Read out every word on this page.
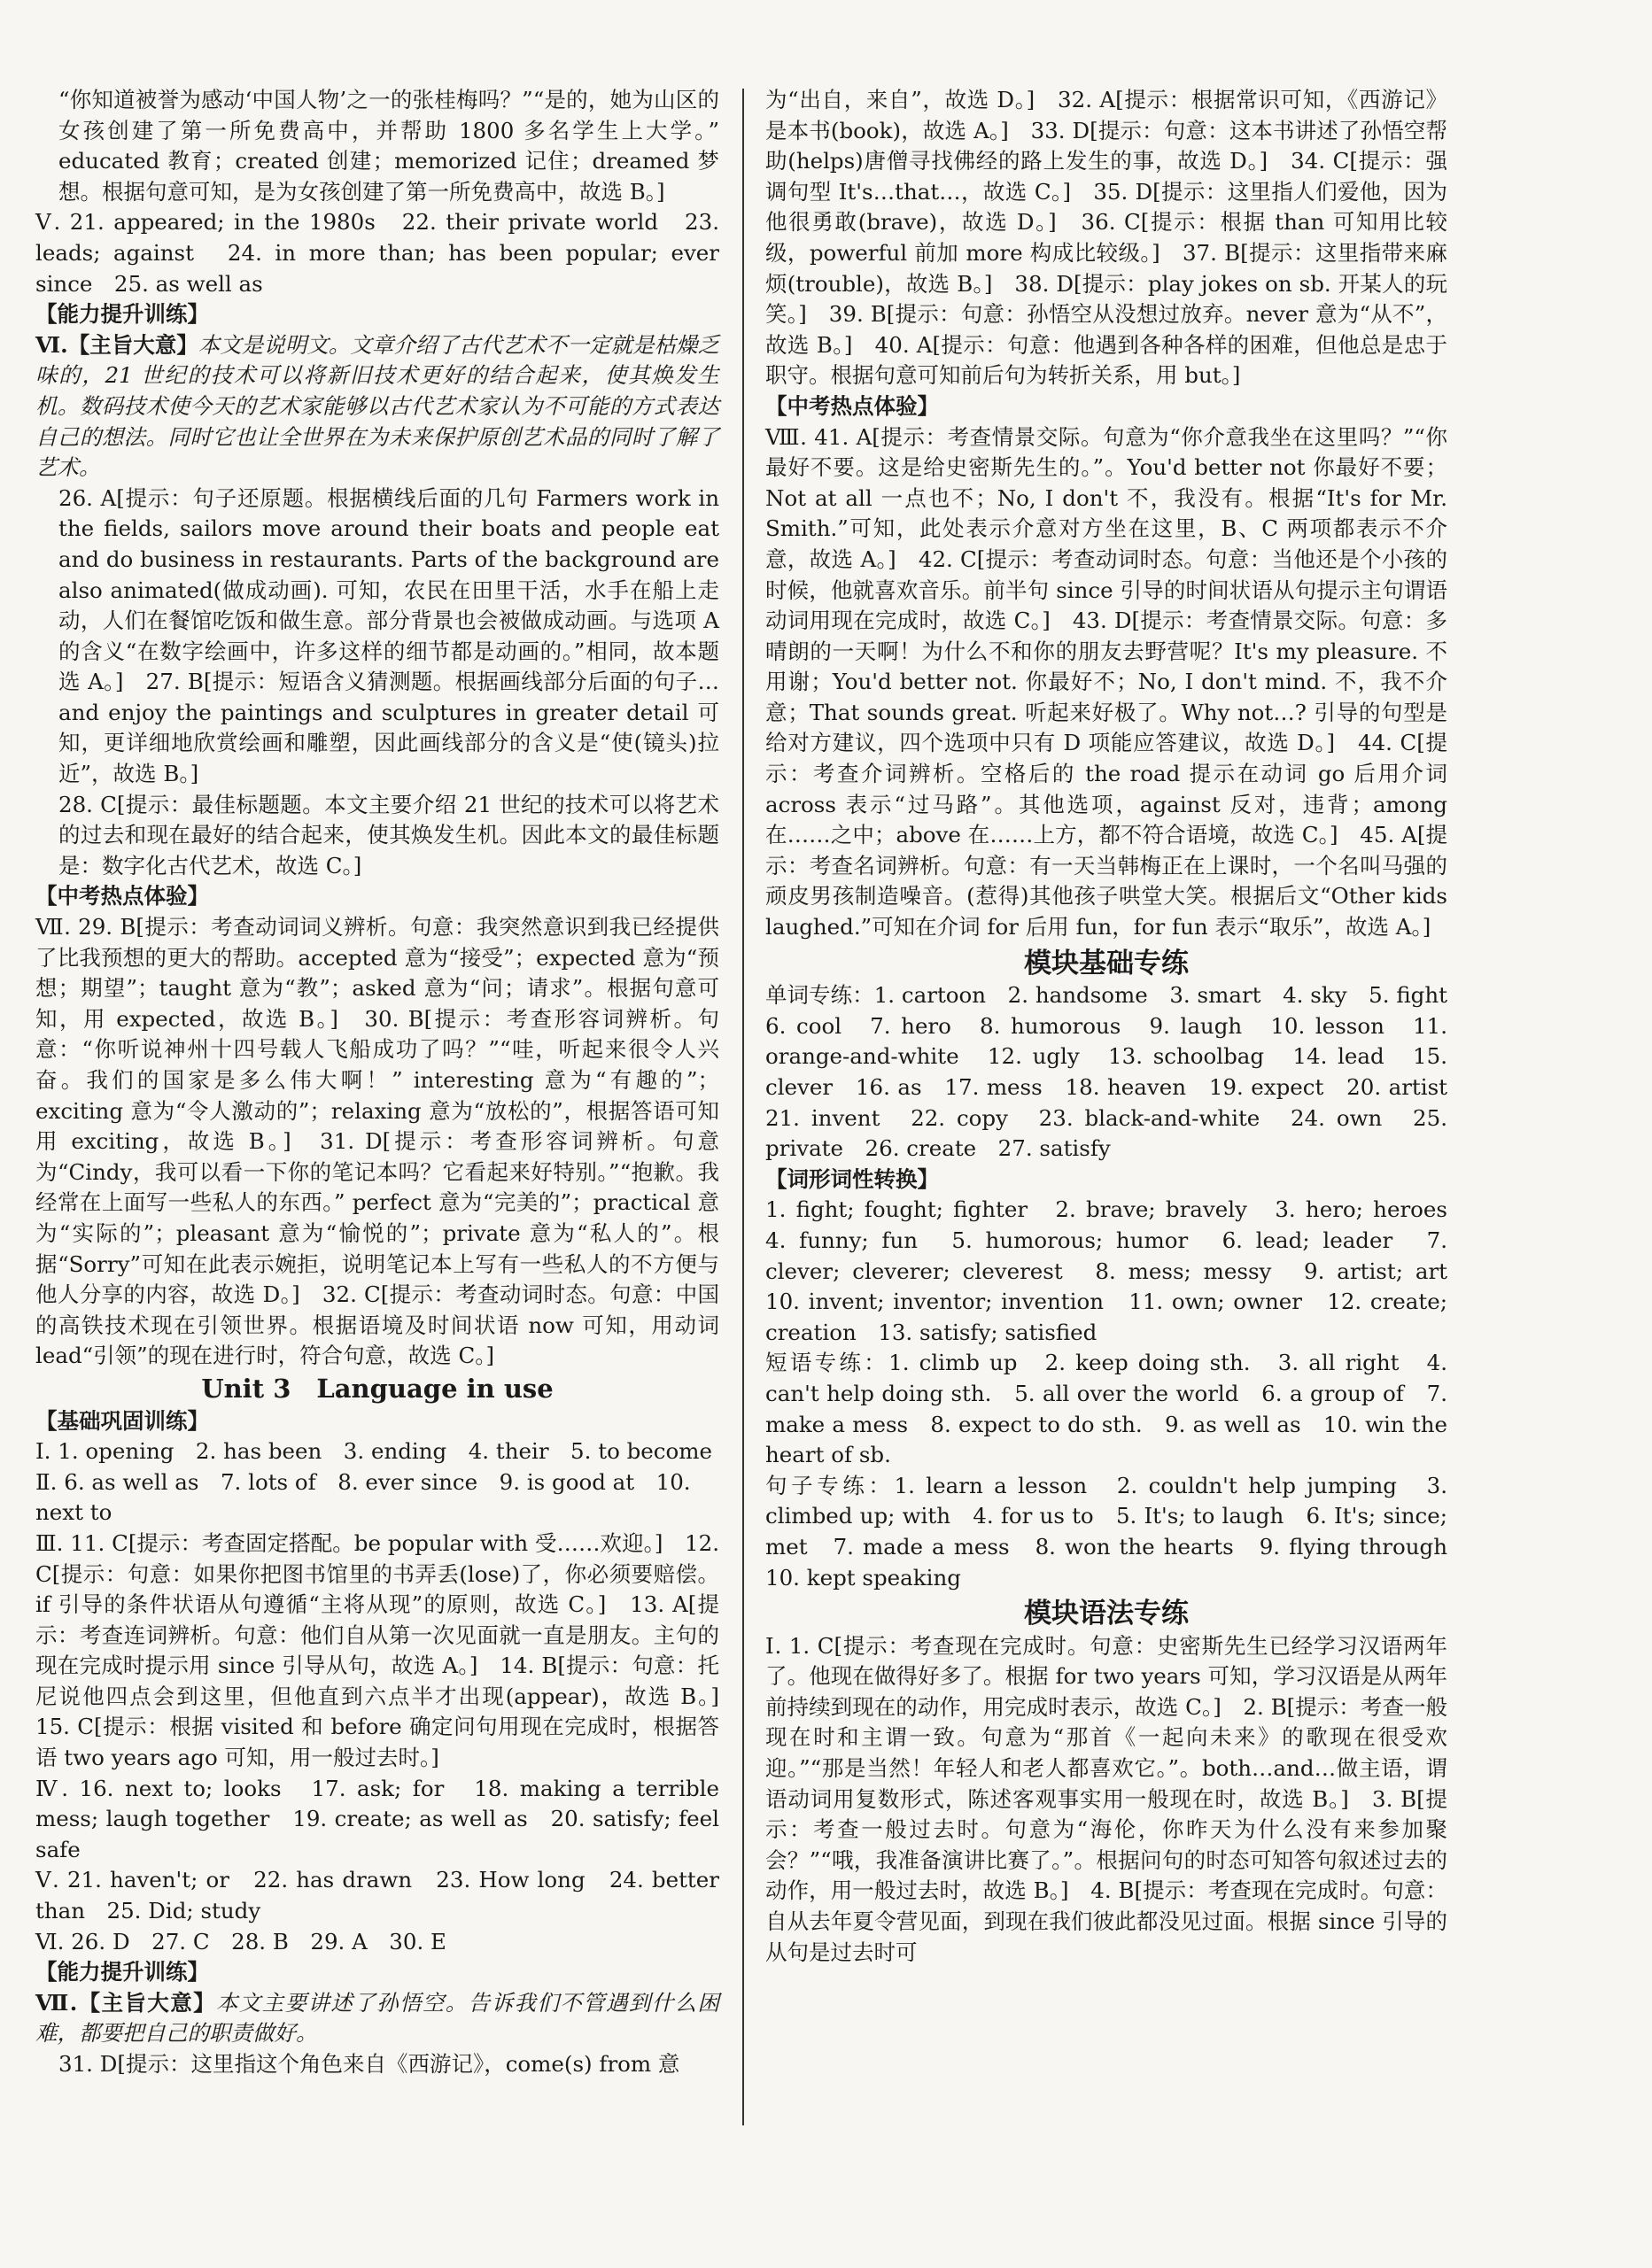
“你知道被誉为感动‘中国人物’之一的张桂梅吗？”“是的，她为山区的女孩创建了第一所免费高中，并帮助 1800 多名学生上大学。” educated 教育；created 创建；memorized 记住；dreamed 梦想。根据句意可知，是为女孩创建了第一所免费高中，故选 B。]

Ⅴ. 21. appeared; in the 1980s　22. their private world　23. leads; against　24. in more than; has been popular; ever since　25. as well as

【能力提升训练】

Ⅵ.【主旨大意】本文是说明文。文章介绍了古代艺术不一定就是枯燥乏味的，21 世纪的技术可以将新旧技术更好的结合起来，使其焕发生机。数码技术使今天的艺术家能够以古代艺术家认为不可能的方式表达自己的想法。同时它也让全世界在为未来保护原创艺术品的同时了解了艺术。

26. A[提示：句子还原题。根据横线后面的几句 Farmers work in the fields, sailors move around their boats and people eat and do business in restaurants. Parts of the background are also animated(做成动画). 可知，农民在田里干活，水手在船上走动，人们在餐馆吃饭和做生意。部分背景也会被做成动画。与选项 A 的含义“在数字绘画中，许多这样的细节都是动画的。”相同，故本题选 A。]　27. B[提示：短语含义猜测题。根据画线部分后面的句子…and enjoy the paintings and sculptures in greater detail 可知，更详细地欣赏绘画和雕塑，因此画线部分的含义是“使(镜头)拉近”，故选 B。]

28. C[提示：最佳标题题。本文主要介绍 21 世纪的技术可以将艺术的过去和现在最好的结合起来，使其焕发生机。因此本文的最佳标题是：数字化古代艺术，故选 C。]

【中考热点体验】

Ⅶ. 29. B[提示：考查动词词义辨析。句意：我突然意识到我已经提供了比我预想的更大的帮助。accepted 意为“接受”；expected 意为“预想；期望”；taught 意为“教”；asked 意为“问；请求”。根据句意可知，用 expected，故选 B。]　30. B[提示：考查形容词辨析。句意：“你听说神州十四号载人飞船成功了吗？”“哇，听起来很令人兴奋。我们的国家是多么伟大啊！” interesting 意为“有趣的”；exciting 意为“令人激动的”；relaxing 意为“放松的”，根据答语可知用 exciting，故选 B。]　31. D[提示：考查形容词辨析。句意为“Cindy，我可以看一下你的笔记本吗？它看起来好特别。”“抱歉。我经常在上面写一些私人的东西。” perfect 意为“完美的”；practical 意为“实际的”；pleasant 意为“愉悦的”；private 意为“私人的”。根据“Sorry”可知在此表示婉拒，说明笔记本上写有一些私人的不方便与他人分享的内容，故选 D。]　32. C[提示：考查动词时态。句意：中国的高铁技术现在引领世界。根据语境及时间状语 now 可知，用动词 lead“引领”的现在进行时，符合句意，故选 C。]

Unit 3　Language in use

【基础巩固训练】

Ⅰ. 1. opening　2. has been　3. ending　4. their　5. to become

Ⅱ. 6. as well as　7. lots of　8. ever since　9. is good at　10. next to

Ⅲ. 11. C[提示：考查固定搭配。be popular with 受……欢迎。]　12. C[提示：句意：如果你把图书馆里的书弄丢(lose)了，你必须要赔偿。if 引导的条件状语从句遵循“主将从现”的原则，故选 C。]　13. A[提示：考查连词辨析。句意：他们自从第一次见面就一直是朋友。主句的现在完成时提示用 since 引导从句，故选 A。]　14. B[提示：句意：托尼说他四点会到这里，但他直到六点半才出现(appear)，故选 B。]　15. C[提示：根据 visited 和 before 确定问句用现在完成时，根据答语 two years ago 可知，用一般过去时。]

Ⅳ. 16. next to; looks　17. ask; for　18. making a terrible mess; laugh together　19. create; as well as　20. satisfy; feel safe

Ⅴ. 21. haven't; or　22. has drawn　23. How long　24. better than　25. Did; study

Ⅵ. 26. D　27. C　28. B　29. A　30. E

【能力提升训练】

Ⅶ.【主旨大意】本文主要讲述了孙悟空。告诉我们不管遇到什么困难，都要把自己的职责做好。

31. D[提示：这里指这个角色来自《西游记》，come(s) from 意

为“出自，来自”，故选 D。]　32. A[提示：根据常识可知，《西游记》是本书(book)，故选 A。]　33. D[提示：句意：这本书讲述了孙悟空帮助(helps)唐僧寻找佛经的路上发生的事，故选 D。]　34. C[提示：强调句型 It's…that…，故选 C。]　35. D[提示：这里指人们爱他，因为他很勇敢(brave)，故选 D。]　36. C[提示：根据 than 可知用比较级，powerful 前加 more 构成比较级。]　37. B[提示：这里指带来麻烦(trouble)，故选 B。]　38. D[提示：play jokes on sb. 开某人的玩笑。]　39. B[提示：句意：孙悟空从没想过放弃。never 意为“从不”，故选 B。]　40. A[提示：句意：他遇到各种各样的困难，但他总是忠于职守。根据句意可知前后句为转折关系，用 but。]

【中考热点体验】

Ⅷ. 41. A[提示：考查情景交际。句意为“你介意我坐在这里吗？”“你最好不要。这是给史密斯先生的。”。You'd better not 你最好不要；Not at all 一点也不；No, I don't 不，我没有。根据“It's for Mr. Smith.”可知，此处表示介意对方坐在这里，B、C 两项都表示不介意，故选 A。]　42. C[提示：考查动词时态。句意：当他还是个小孩的时候，他就喜欢音乐。前半句 since 引导的时间状语从句提示主句谓语动词用现在完成时，故选 C。]　43. D[提示：考查情景交际。句意：多晴朗的一天啊！为什么不和你的朋友去野营呢？It's my pleasure. 不用谢；You'd better not. 你最好不；No, I don't mind. 不，我不介意；That sounds great. 听起来好极了。Why not…? 引导的句型是给对方建议，四个选项中只有 D 项能应答建议，故选 D。]　44. C[提示：考查介词辨析。空格后的 the road 提示在动词 go 后用介词 across 表示“过马路”。其他选项，against 反对，违背；among 在……之中；above 在……上方，都不符合语境，故选 C。]　45. A[提示：考查名词辨析。句意：有一天当韩梅正在上课时，一个名叫马强的顽皮男孩制造噪音。(惹得)其他孩子哄堂大笑。根据后文“Other kids laughed.”可知在介词 for 后用 fun，for fun 表示“取乐”，故选 A。]

模块基础专练

单词专练：1. cartoon　2. handsome　3. smart　4. sky　5. fight　6. cool　7. hero　8. humorous　9. laugh　10. lesson　11. orange-and-white　12. ugly　13. schoolbag　14. lead　15. clever　16. as　17. mess　18. heaven　19. expect　20. artist　21. invent　22. copy　23. black-and-white　24. own　25. private　26. create　27. satisfy

【词形词性转换】

1. fight; fought; fighter　2. brave; bravely　3. hero; heroes　4. funny; fun　5. humorous; humor　6. lead; leader　7. clever; cleverer; cleverest　8. mess; messy　9. artist; art　10. invent; inventor; invention　11. own; owner　12. create; creation　13. satisfy; satisfied

短语专练：1. climb up　2. keep doing sth.　3. all right　4. can't help doing sth.　5. all over the world　6. a group of　7. make a mess　8. expect to do sth.　9. as well as　10. win the heart of sb.

句子专练：1. learn a lesson　2. couldn't help jumping　3. climbed up; with　4. for us to　5. It's; to laugh　6. It's; since; met　7. made a mess　8. won the hearts　9. flying through　10. kept speaking

模块语法专练

Ⅰ. 1. C[提示：考查现在完成时。句意：史密斯先生已经学习汉语两年了。他现在做得好多了。根据 for two years 可知，学习汉语是从两年前持续到现在的动作，用完成时表示，故选 C。]　2. B[提示：考查一般现在时和主谓一致。句意为“那首《一起向未来》的歌现在很受欢迎。”“那是当然！年轻人和老人都喜欢它。”。both…and…做主语，谓语动词用复数形式，陈述客观事实用一般现在时，故选 B。]　3. B[提示：考查一般过去时。句意为“海伦，你昨天为什么没有来参加聚会？”“哦，我准备演讲比赛了。”。根据问句的时态可知答句叙述过去的动作，用一般过去时，故选 B。]　4. B[提示：考查现在完成时。句意：自从去年夏令营见面，到现在我们彼此都没见过面。根据 since 引导的从句是过去时可
